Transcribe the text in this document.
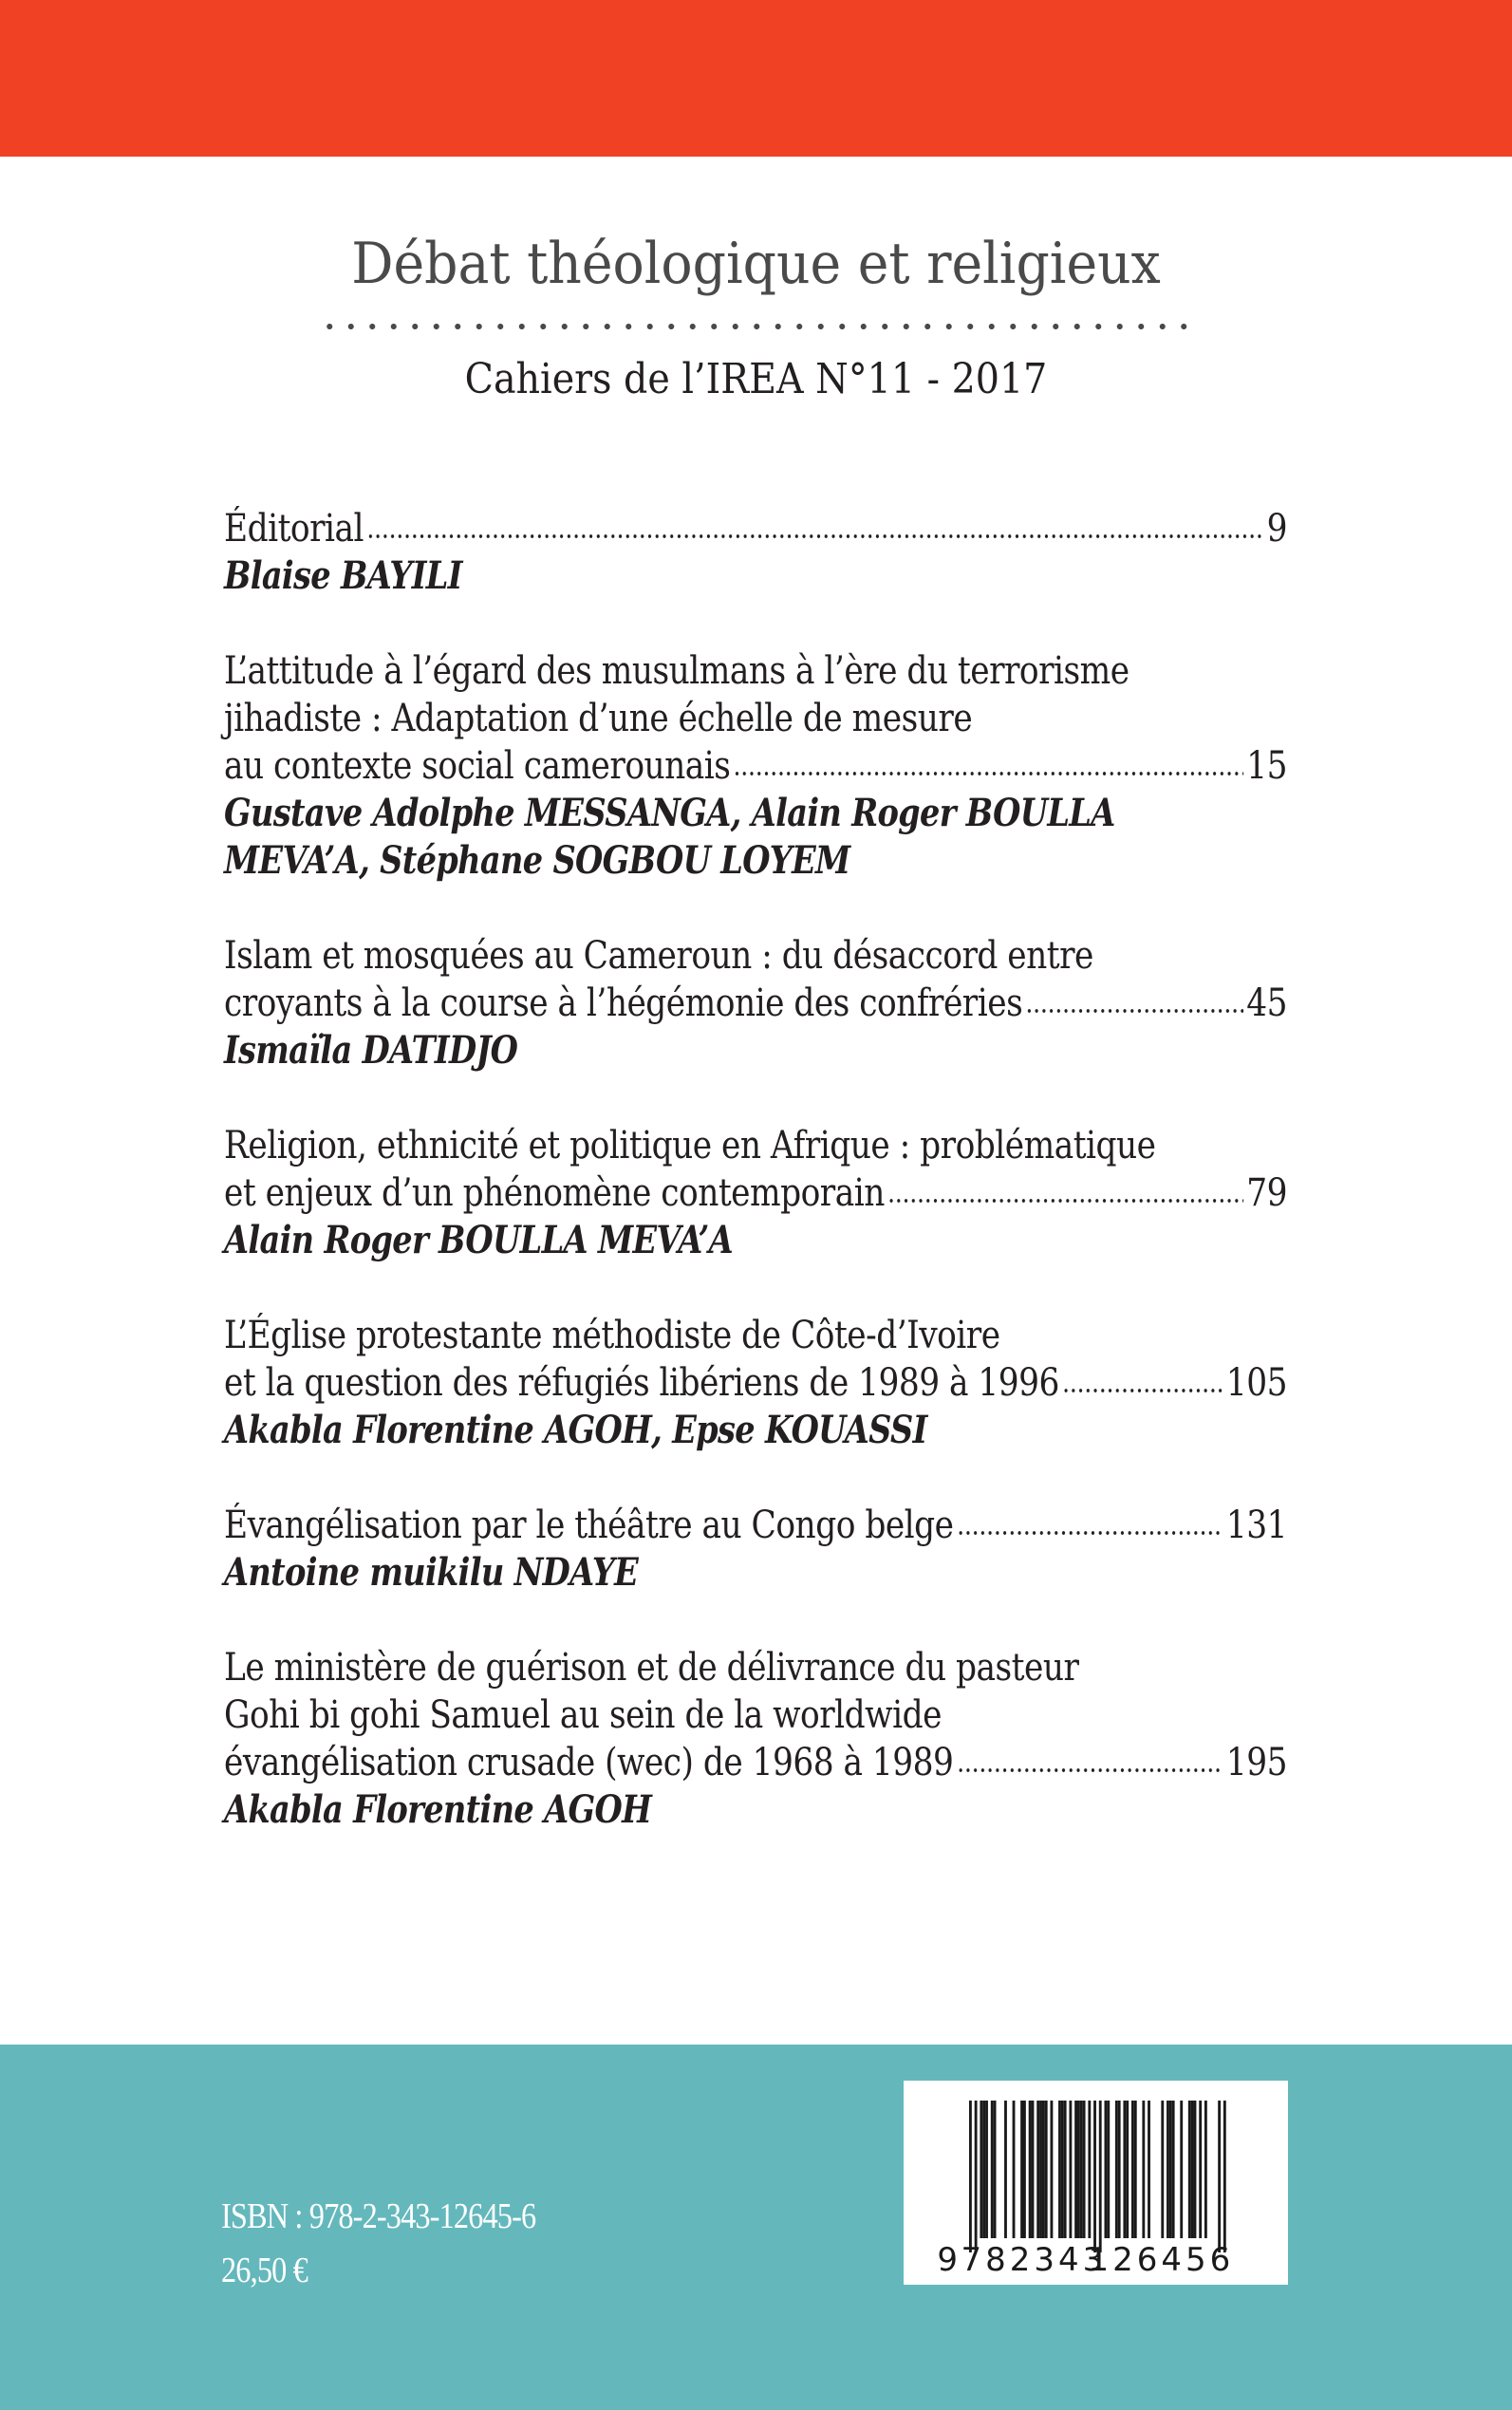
Débat théologique et religieux
Cahiers de l’IREA N°11 - 2017
Éditorial	9
Blaise BAYILI
L’attitude à l’égard des musulmans à l’ère du terrorisme
jihadiste : Adaptation d’une échelle de mesure
au contexte social camerounais	15
Gustave Adolphe MESSANGA, Alain Roger BOULLA
MEVA’A, Stéphane SOGBOU LOYEM
Islam et mosquées au Cameroun : du désaccord entre
croyants à la course à l’hégémonie des confréries	45
Ismaïla DATIDJO
Religion, ethnicité et politique en Afrique : problématique
et enjeux d’un phénomène contemporain	79
Alain Roger BOULLA MEVA’A
L’Église protestante méthodiste de Côte-d’Ivoire
et la question des réfugiés libériens de 1989 à 1996	105
Akabla Florentine AGOH, Epse KOUASSI
Évangélisation par le théâtre au Congo belge	131
Antoine muikilu NDAYE
Le ministère de guérison et de délivrance du pasteur
Gohi bi gohi Samuel au sein de la worldwide
évangélisation crusade (wec) de 1968 à 1989	195
Akabla Florentine AGOH
ISBN : 978-2-343-12645-6
26,50 €	9 782343
126456
